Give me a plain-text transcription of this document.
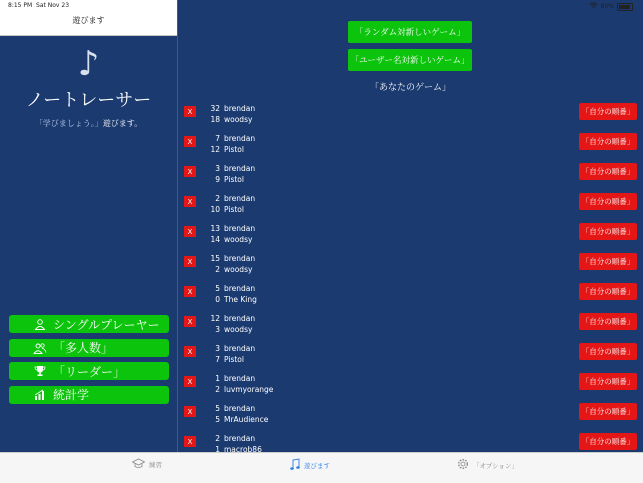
8:15 PM Sat Nov 23	85%
遊びます
♪
ノートレーサー
「学びましょう。」遊びます。
シングルプレーヤー
「多人数」
「リーダー」
統計学
「ランダム対新しいゲーム」
「ユーザー名対新しいゲーム」
「あなたのゲーム」
X	32 brendan
18 woodsy
「自分の順番」
X	7 brendan
12 Pistol
「自分の順番」
X	3 brendan
9 Pistol
「自分の順番」
X	2 brendan
10 Pistol
「自分の順番」
X	13 brendan
14 woodsy
「自分の順番」
X	15 brendan
2 woodsy
「自分の順番」
X	5 brendan
0 The King
「自分の順番」
X	12 brendan
3 woodsy
「自分の順番」
X	3 brendan
7 Pistol
「自分の順番」
X	1 brendan
2 luvmyorange
「自分の順番」
X	5 brendan
5 MrAudience
「自分の順番」
X	2 brendan
1 macrob86
「自分の順番」
練習	遊びます	「オプション」
